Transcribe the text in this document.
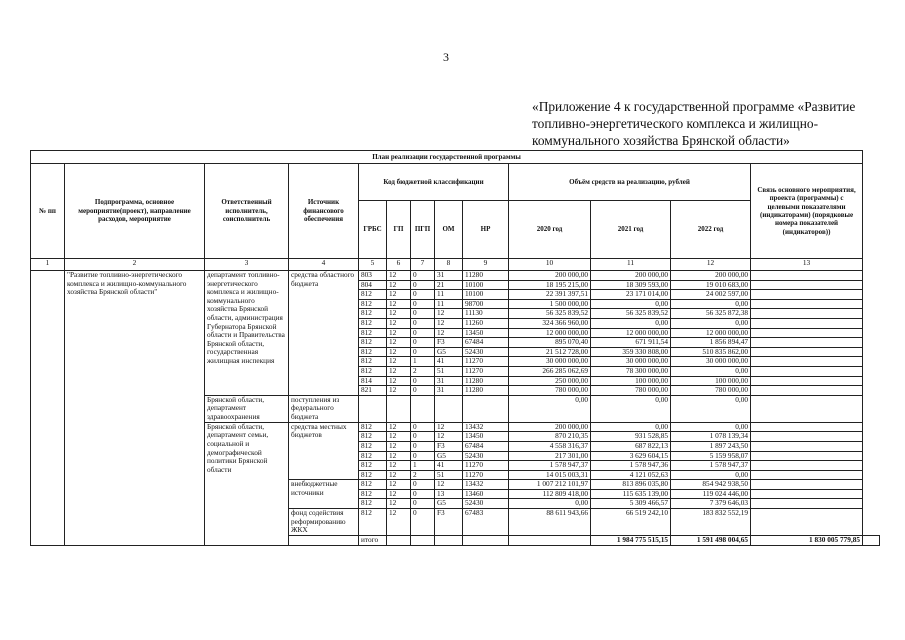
3
«Приложение 4 к государственной программе «Развитие топливно-энергетического комплекса и жилищно-коммунального хозяйства Брянской области»
План реализации государственной программы													
№ пп	Подпрограмма, основное мероприятие(проект), направление расходов, мероприятие	Ответственный исполнитель, соисполнитель	Источник финансового обеспечения	Код бюджетной классификации					Объём средств на реализацию, рублей			Связь основного мероприятия, проекта (программы) с целевыми показателями (индикаторами) (порядковые номера показателей (индикаторов))	
				ГРБС	ГП	ПГП	ОМ	НР	2020 год	2021 год	2022 год		
1	2	3	4	5	6	7	8	9	10	11	12	13	
	"Развитие топливно-энергетического комплекса и жилищно-коммунального хозяйства Брянской области"	департамент топливно-энергетического комплекса и жилищно-коммунального хозяйства Брянской области, администрация Губернатора Брянской области и Правительства Брянской области, государственная жилищная инспекция	средства областного бюджета	803	12	0	31	11280	200 000,00	200 000,00	200 000,00		
				804	12	0	21	10100	18 195 215,00	18 309 593,00	19 010 683,00		
				812	12	0	11	10100	22 391 397,51	23 171 014,00	24 002 597,00		
				812	12	0	11	98700	1 500 000,00	0,00	0,00		
				812	12	0	12	11130	56 325 839,52	56 325 839,52	56 325 872,38		
				812	12	0	12	11260	324 366 960,00	0,00	0,00		
				812	12	0	12	13450	12 000 000,00	12 000 000,00	12 000 000,00		
				812	12	0	F3	67484	895 070,40	671 911,54	1 856 894,47		
				812	12	0	G5	52430	21 512 728,00	359 330 808,00	510 835 862,00		
				812	12	1	41	11270	30 000 000,00	30 000 000,00	30 000 000,00		
				812	12	2	51	11270	266 285 062,69	78 300 000,00	0,00		
				814	12	0	31	11280	250 000,00	100 000,00	100 000,00		
				821	12	0	31	11280	780 000,00	780 000,00	780 000,00		
		Брянской области, департамент здравоохранения	поступления из федерального бюджета						0,00	0,00	0,00		
		Брянской области, департамент семьи, социальной и демографической политики Брянской области	средства местных бюджетов	812	12	0	12	13432	200 000,00	0,00	0,00		
				812	12	0	12	13450	870 210,35	931 528,85	1 078 139,34		
				812	12	0	F3	67484	4 558 316,37	687 822,13	1 897 243,50		
				812	12	0	G5	52430	217 301,00	3 629 604,15	5 159 958,07		
				812	12	1	41	11270	1 578 947,37	1 578 947,36	1 578 947,37		
				812	12	2	51	11270	14 015 003,31	4 121 052,63	0,00		
			внебюджетные источники	812	12	0	12	13432	1 007 212 101,97	813 896 035,80	854 942 938,50		
				812	12	0	13	13460	112 809 418,00	115 635 139,00	119 024 446,00		
				812	12	0	G5	52430	0,00	5 309 466,57	7 379 646,03		
			фонд содействия реформированию ЖКХ	812	12	0	F3	67483	88 611 943,66	66 519 242,10	183 832 552,19		
				итого						1 984 775 515,15	1 591 498 004,65	1 830 005 779,85	
